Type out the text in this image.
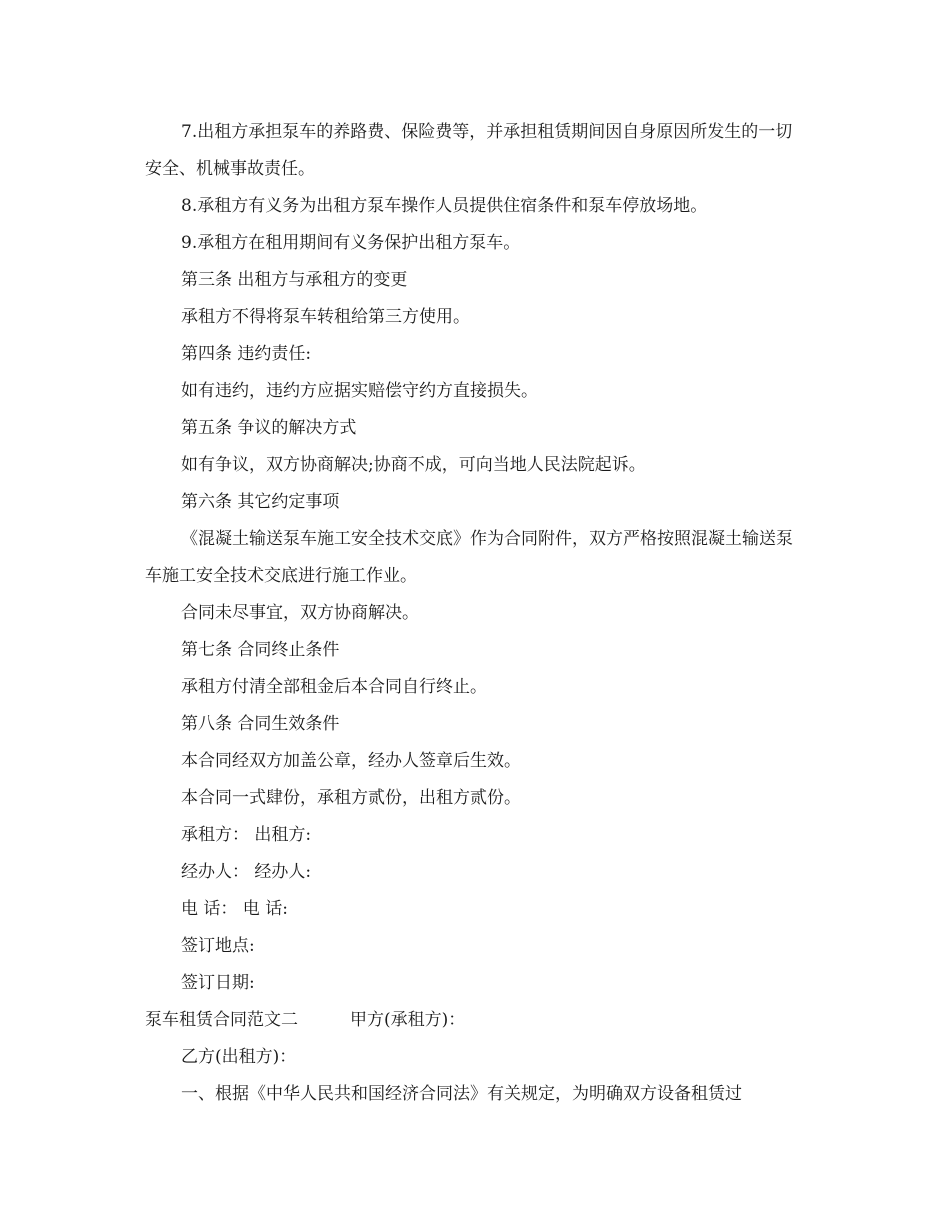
7.出租方承担泵车的养路费、保险费等，并承担租赁期间因自身原因所发生的一切安全、机械事故责任。

8.承租方有义务为出租方泵车操作人员提供住宿条件和泵车停放场地。

9.承租方在租用期间有义务保护出租方泵车。

第三条 出租方与承租方的变更

承租方不得将泵车转租给第三方使用。

第四条 违约责任:

如有违约，违约方应据实赔偿守约方直接损失。

第五条 争议的解决方式

如有争议，双方协商解决;协商不成，可向当地人民法院起诉。

第六条 其它约定事项

《混凝土输送泵车施工安全技术交底》作为合同附件，双方严格按照混凝土输送泵车施工安全技术交底进行施工作业。

合同未尽事宜，双方协商解决。

第七条 合同终止条件

承租方付清全部租金后本合同自行终止。

第八条 合同生效条件

本合同经双方加盖公章，经办人签章后生效。

本合同一式肆份，承租方贰份，出租方贰份。

承租方： 出租方:

经办人： 经办人:

电 话： 电 话:

签订地点:

签订日期:

泵车租赁合同范文二	甲方(承租方)：

乙方(出租方)：

一、根据《中华人民共和国经济合同法》有关规定，为明确双方设备租赁过
